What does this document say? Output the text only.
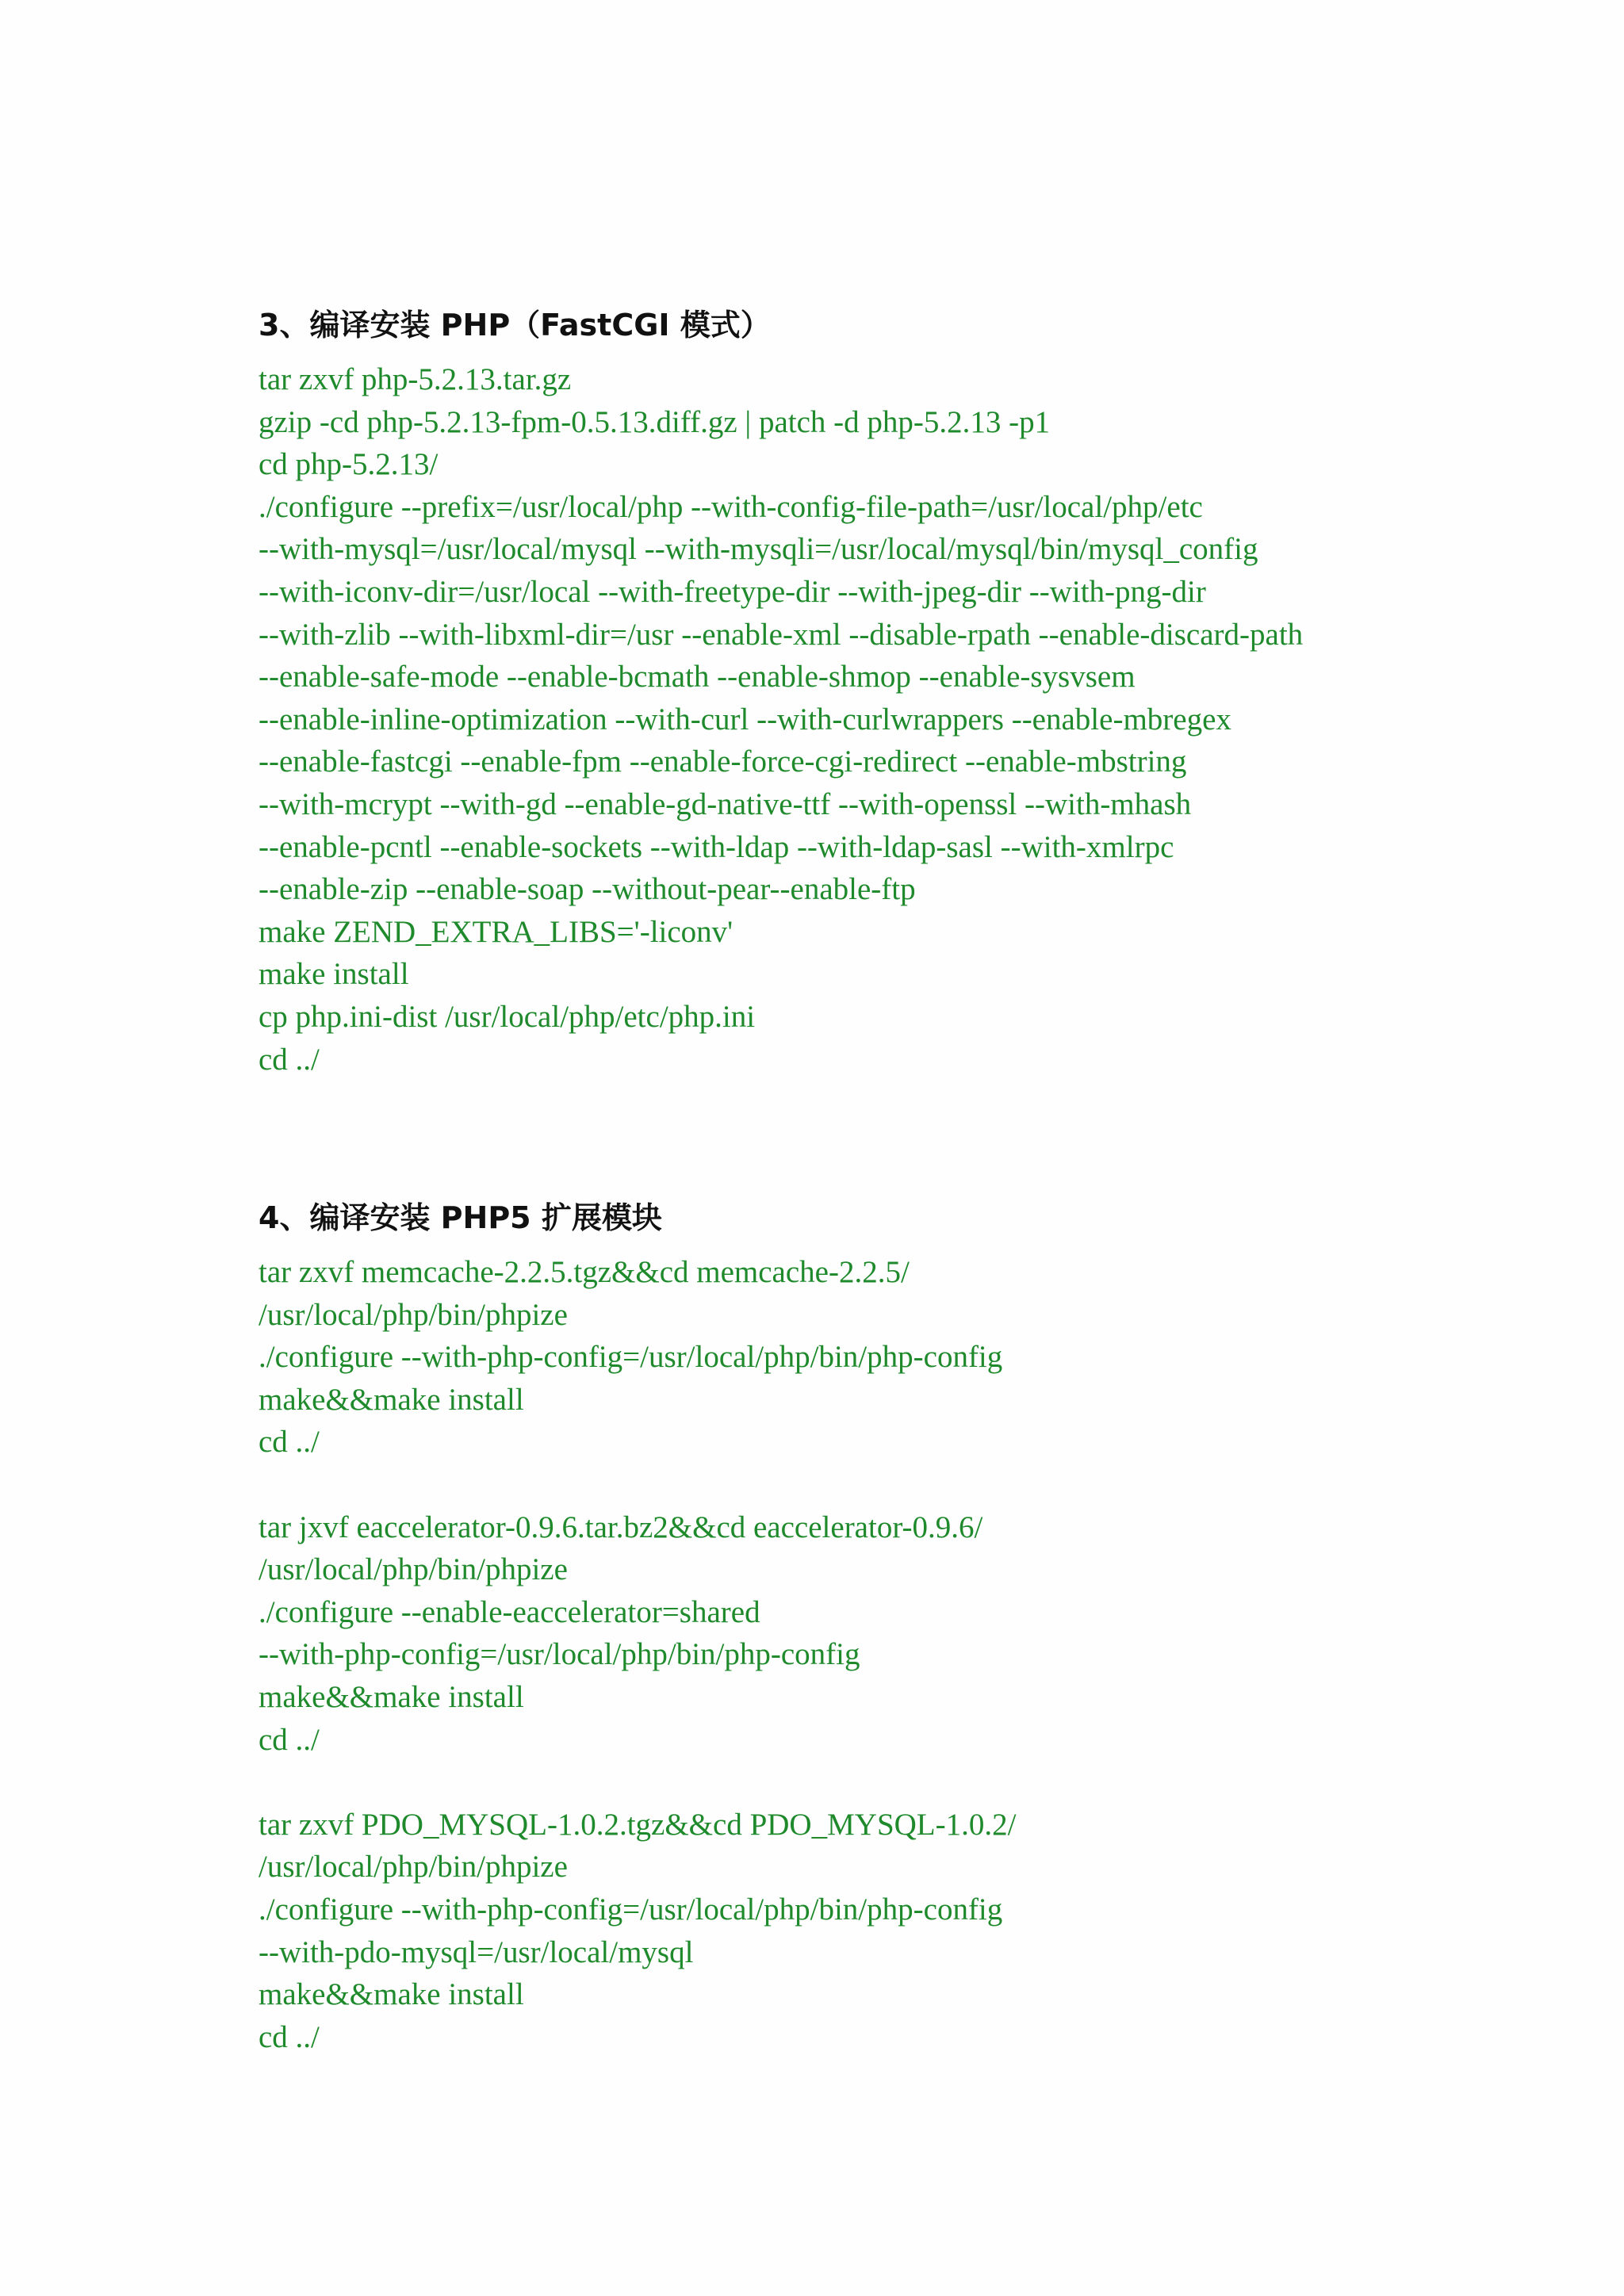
3、编译安装 PHP（FastCGI 模式）
tar zxvf php-5.2.13.tar.gz
gzip -cd php-5.2.13-fpm-0.5.13.diff.gz | patch -d php-5.2.13 -p1
cd php-5.2.13/
./configure --prefix=/usr/local/php --with-config-file-path=/usr/local/php/etc
--with-mysql=/usr/local/mysql --with-mysqli=/usr/local/mysql/bin/mysql_config
--with-iconv-dir=/usr/local --with-freetype-dir --with-jpeg-dir --with-png-dir
--with-zlib --with-libxml-dir=/usr --enable-xml --disable-rpath --enable-discard-path
--enable-safe-mode --enable-bcmath --enable-shmop --enable-sysvsem
--enable-inline-optimization --with-curl --with-curlwrappers --enable-mbregex
--enable-fastcgi --enable-fpm --enable-force-cgi-redirect --enable-mbstring
--with-mcrypt --with-gd --enable-gd-native-ttf --with-openssl --with-mhash
--enable-pcntl --enable-sockets --with-ldap --with-ldap-sasl --with-xmlrpc
--enable-zip --enable-soap --without-pear--enable-ftp
make ZEND_EXTRA_LIBS='-liconv'
make install
cp php.ini-dist /usr/local/php/etc/php.ini
cd ../
4、编译安装 PHP5 扩展模块
tar zxvf memcache-2.2.5.tgz&&cd memcache-2.2.5/
/usr/local/php/bin/phpize
./configure --with-php-config=/usr/local/php/bin/php-config
make&&make install
cd ../
tar jxvf eaccelerator-0.9.6.tar.bz2&&cd eaccelerator-0.9.6/
/usr/local/php/bin/phpize
./configure --enable-eaccelerator=shared
--with-php-config=/usr/local/php/bin/php-config
make&&make install
cd ../
tar zxvf PDO_MYSQL-1.0.2.tgz&&cd PDO_MYSQL-1.0.2/
/usr/local/php/bin/phpize
./configure --with-php-config=/usr/local/php/bin/php-config
--with-pdo-mysql=/usr/local/mysql
make&&make install
cd ../
